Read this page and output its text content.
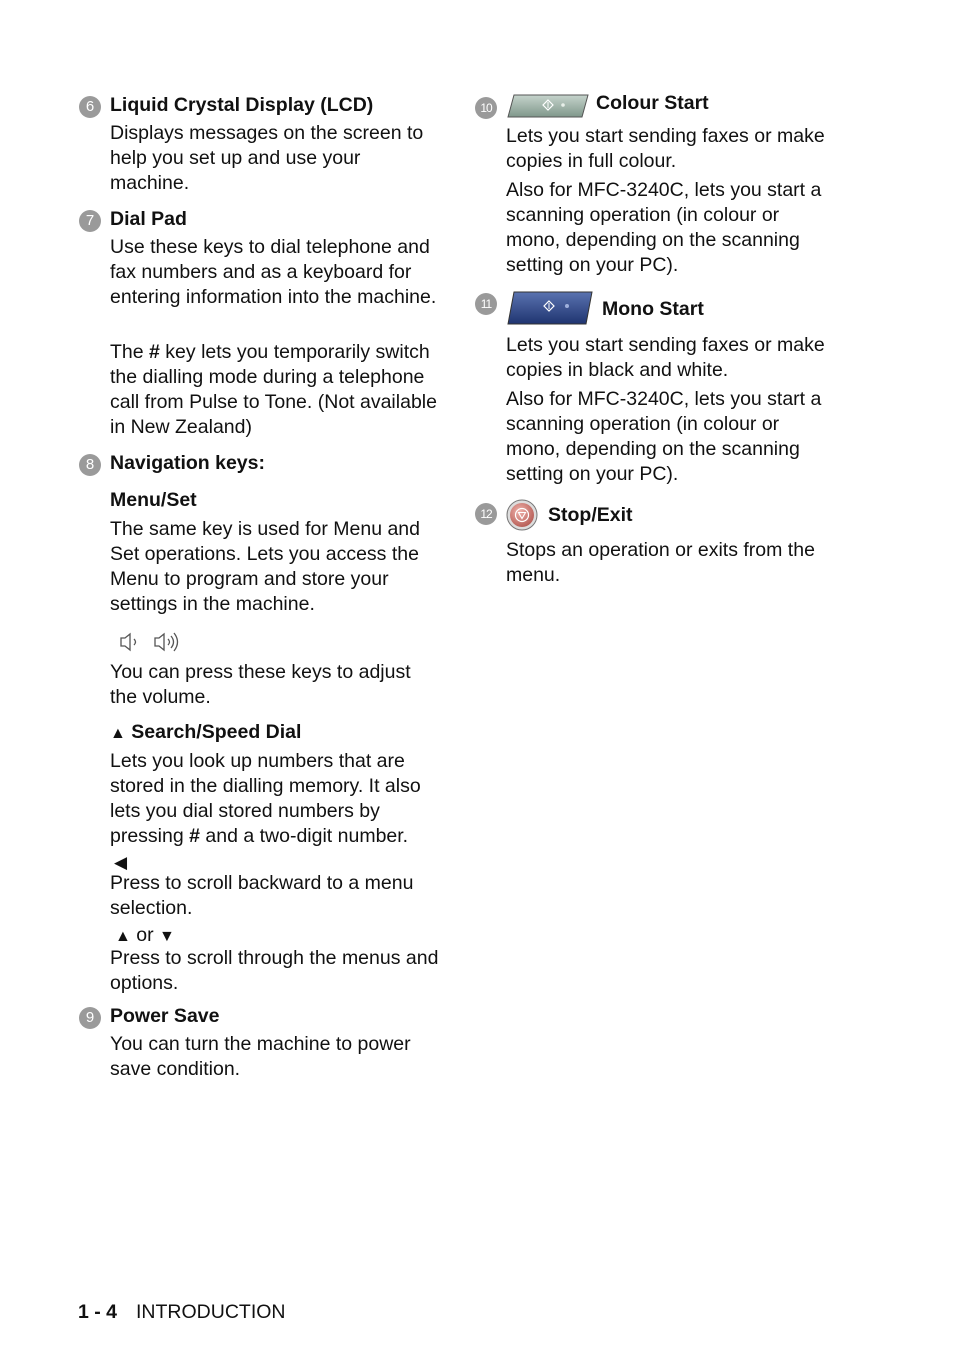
6 Liquid Crystal Display (LCD)
Displays messages on the screen to help you set up and use your machine.
7 Dial Pad
Use these keys to dial telephone and fax numbers and as a keyboard for entering information into the machine.
The # key lets you temporarily switch the dialling mode during a telephone call from Pulse to Tone. (Not available in New Zealand)
8 Navigation keys:
Menu/Set
The same key is used for Menu and Set operations. Lets you access the Menu to program and store your settings in the machine.
You can press these keys to adjust the volume.
▲ Search/Speed Dial
Lets you look up numbers that are stored in the dialling memory. It also lets you dial stored numbers by pressing # and a two-digit number.
◀
Press to scroll backward to a menu selection.
▲ or ▼
Press to scroll through the menus and options.
9 Power Save
You can turn the machine to power save condition.
10	Colour Start
Lets you start sending faxes or make copies in full colour.
Also for MFC-3240C, lets you start a scanning operation (in colour or mono, depending on the scanning setting on your PC).
11	Mono Start
Lets you start sending faxes or make copies in black and white.
Also for MFC-3240C, lets you start a scanning operation (in colour or mono, depending on the scanning setting on your PC).
12	Stop/Exit
Stops an operation or exits from the menu.
1 - 4 INTRODUCTION
